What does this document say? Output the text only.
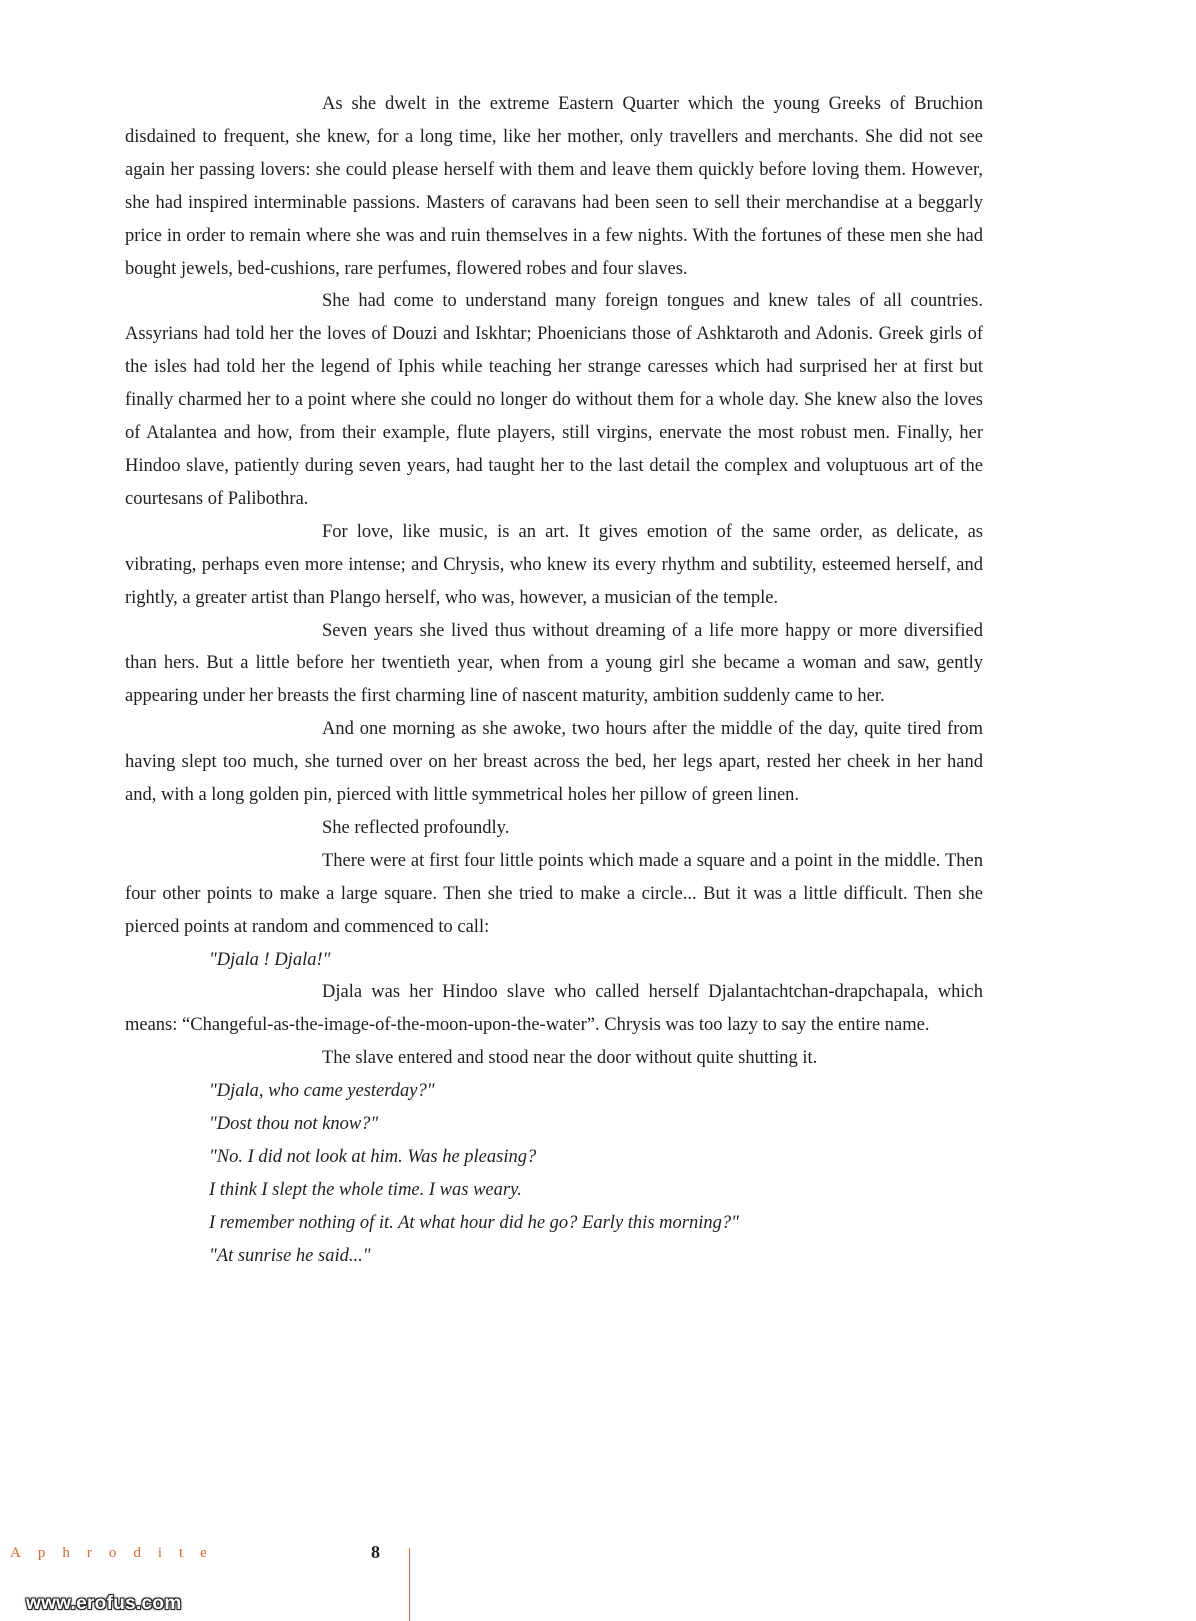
As she dwelt in the extreme Eastern Quarter which the young Greeks of Bruchion disdained to frequent, she knew, for a long time, like her mother, only travellers and merchants. She did not see again her passing lovers: she could please herself with them and leave them quickly before loving them. However, she had inspired interminable passions. Masters of caravans had been seen to sell their merchandise at a beggarly price in order to remain where she was and ruin themselves in a few nights. With the fortunes of these men she had bought jewels, bed-cushions, rare perfumes, flowered robes and four slaves.

She had come to understand many foreign tongues and knew tales of all countries. Assyrians had told her the loves of Douzi and Iskhtar; Phoenicians those of Ashktaroth and Adonis. Greek girls of the isles had told her the legend of Iphis while teaching her strange caresses which had surprised her at first but finally charmed her to a point where she could no longer do without them for a whole day. She knew also the loves of Atalantea and how, from their example, flute players, still virgins, enervate the most robust men. Finally, her Hindoo slave, patiently during seven years, had taught her to the last detail the complex and voluptuous art of the courtesans of Palibothra.

For love, like music, is an art. It gives emotion of the same order, as delicate, as vibrating, perhaps even more intense; and Chrysis, who knew its every rhythm and subtility, esteemed herself, and rightly, a greater artist than Plango herself, who was, however, a musician of the temple.

Seven years she lived thus without dreaming of a life more happy or more diversified than hers. But a little before her twentieth year, when from a young girl she became a woman and saw, gently appearing under her breasts the first charming line of nascent maturity, ambition suddenly came to her.

And one morning as she awoke, two hours after the middle of the day, quite tired from having slept too much, she turned over on her breast across the bed, her legs apart, rested her cheek in her hand and, with a long golden pin, pierced with little symmetrical holes her pillow of green linen.

She reflected profoundly.

There were at first four little points which made a square and a point in the middle. Then four other points to make a large square. Then she tried to make a circle... But it was a little difficult. Then she pierced points at random and commenced to call:

"Djala ! Djala!"

Djala was her Hindoo slave who called herself Djalantachtchan-drapchapala, which means: “Changeful-as-the-image-of-the-moon-upon-the-water”. Chrysis was too lazy to say the entire name.

The slave entered and stood near the door without quite shutting it.

"Djala, who came yesterday?"

"Dost thou not know?"

"No. I did not look at him. Was he pleasing?

I think I slept the whole time. I was weary.

I remember nothing of it. At what hour did he go? Early this morning?"

"At sunrise he said..."

Aphrodite	8
www.erofus.com
